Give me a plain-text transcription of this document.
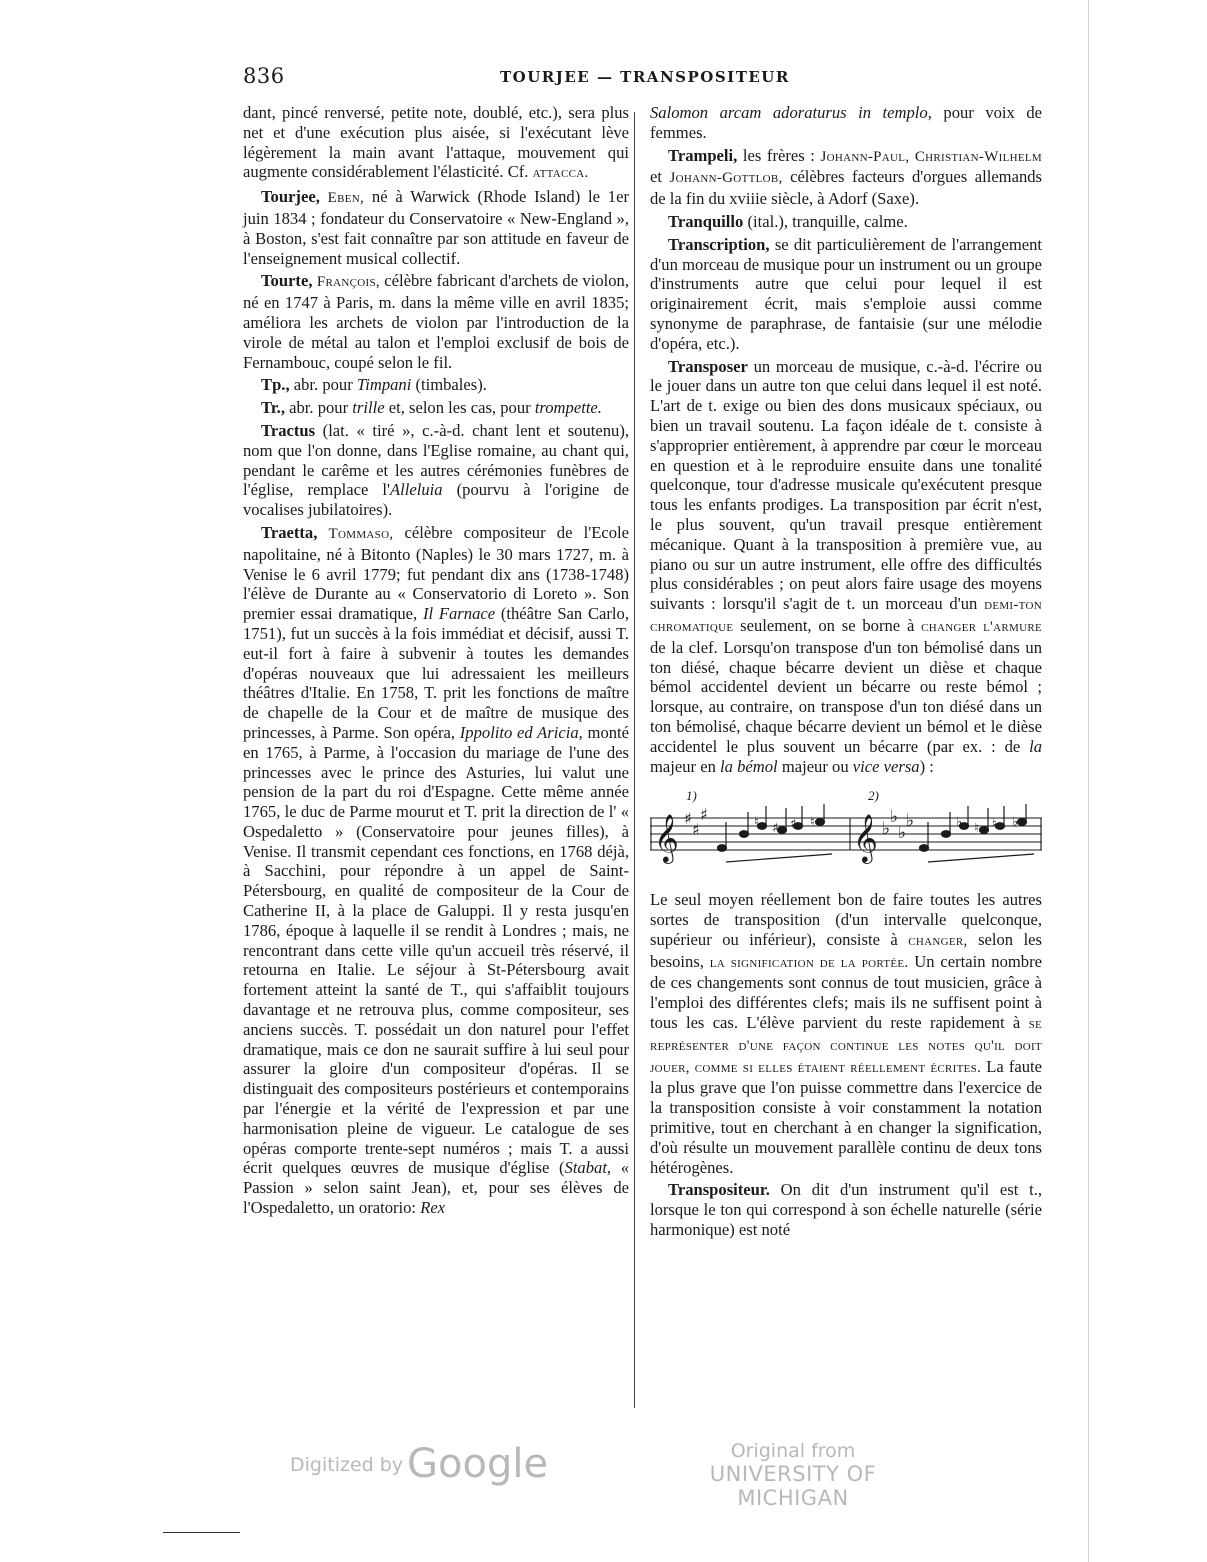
836	TOURJEE — TRANSPOSITEUR

dant, pincé renversé, petite note, doublé, etc.), sera plus net et d'une exécution plus aisée, si l'exécutant lève légèrement la main avant l'attaque, mouvement qui augmente considérablement l'élasticité. Cf. attacca.

Tourjee, Eben, né à Warwick (Rhode Island) le 1er juin 1834 ; fondateur du Conservatoire « New-England », à Boston, s'est fait connaître par son attitude en faveur de l'enseignement musical collectif.

Tourte, François, célèbre fabricant d'archets de violon, né en 1747 à Paris, m. dans la même ville en avril 1835; améliora les archets de violon par l'introduction de la virole de métal au talon et l'emploi exclusif de bois de Fernambouc, coupé selon le fil.

Tp., abr. pour Timpani (timbales).

Tr., abr. pour trille et, selon les cas, pour trompette.

Tractus (lat. « tiré », c.-à-d. chant lent et soutenu), nom que l'on donne, dans l'Eglise romaine, au chant qui, pendant le carême et les autres cérémonies funèbres de l'église, remplace l'Alleluia (pourvu à l'origine de vocalises jubilatoires).

Traetta, Tommaso, célèbre compositeur de l'Ecole napolitaine, né à Bitonto (Naples) le 30 mars 1727, m. à Venise le 6 avril 1779; fut pendant dix ans (1738-1748) l'élève de Durante au « Conservatorio di Loreto ». Son premier essai dramatique, Il Farnace (théâtre San Carlo, 1751), fut un succès à la fois immédiat et décisif, aussi T. eut-il fort à faire à subvenir à toutes les demandes d'opéras nouveaux que lui adressaient les meilleurs théâtres d'Italie. En 1758, T. prit les fonctions de maître de chapelle de la Cour et de maître de musique des princesses, à Parme. Son opéra, Ippolito ed Aricia, monté en 1765, à Parme, à l'occasion du mariage de l'une des princesses avec le prince des Asturies, lui valut une pension de la part du roi d'Espagne. Cette même année 1765, le duc de Parme mourut et T. prit la direction de l' « Ospedaletto » (Conservatoire pour jeunes filles), à Venise. Il transmit cependant ces fonctions, en 1768 déjà, à Sacchini, pour répondre à un appel de Saint-Pétersbourg, en qualité de compositeur de la Cour de Catherine II, à la place de Galuppi. Il y resta jusqu'en 1786, époque à laquelle il se rendit à Londres ; mais, ne rencontrant dans cette ville qu'un accueil très réservé, il retourna en Italie. Le séjour à St-Pétersbourg avait fortement atteint la santé de T., qui s'affaiblit toujours davantage et ne retrouva plus, comme compositeur, ses anciens succès. T. possédait un don naturel pour l'effet dramatique, mais ce don ne saurait suffire à lui seul pour assurer la gloire d'un compositeur d'opéras. Il se distinguait des compositeurs postérieurs et contemporains par l'énergie et la vérité de l'expression et par une harmonisation pleine de vigueur. Le catalogue de ses opéras comporte trente-sept numéros ; mais T. a aussi écrit quelques œuvres de musique d'église (Stabat, « Passion » selon saint Jean), et, pour ses élèves de l'Ospedaletto, un oratorio: Rex

Salomon arcam adoraturus in templo, pour voix de femmes.

Trampeli, les frères : Johann-Paul, Christian-Wilhelm et Johann-Gottlob, célèbres facteurs d'orgues allemands de la fin du xviiie siècle, à Adorf (Saxe).

Tranquillo (ital.), tranquille, calme.

Transcription, se dit particulièrement de l'arrangement d'un morceau de musique pour un instrument ou un groupe d'instruments autre que celui pour lequel il est originairement écrit, mais s'emploie aussi comme synonyme de paraphrase, de fantaisie (sur une mélodie d'opéra, etc.).

Transposer un morceau de musique, c.-à-d. l'écrire ou le jouer dans un autre ton que celui dans lequel il est noté. L'art de t. exige ou bien des dons musicaux spéciaux, ou bien un travail soutenu. La façon idéale de t. consiste à s'approprier entièrement, à apprendre par cœur le morceau en question et à le reproduire ensuite dans une tonalité quelconque, tour d'adresse musicale qu'exécutent presque tous les enfants prodiges. La transposition par écrit n'est, le plus souvent, qu'un travail presque entièrement mécanique. Quant à la transposition à première vue, au piano ou sur un autre instrument, elle offre des difficultés plus considérables ; on peut alors faire usage des moyens suivants : lorsqu'il s'agit de t. un morceau d'un demi-ton chromatique seulement, on se borne à changer l'armure de la clef. Lorsqu'on transpose d'un ton bémolisé dans un ton diésé, chaque bécarre devient un dièse et chaque bémol accidentel devient un bécarre ou reste bémol ; lorsque, au contraire, on transpose d'un ton diésé dans un ton bémolisé, chaque bécarre devient un bémol et le dièse accidentel le plus souvent un bécarre (par ex. : de la majeur en la bémol majeur ou vice versa) :

𝄞	𝄞
♯
♯
♯
♭
♭
♭
♭
♮ ♯ ♯ ♮	♭ ♮ ♮ ♭
1)	2)

Le seul moyen réellement bon de faire toutes les autres sortes de transposition (d'un intervalle quelconque, supérieur ou inférieur), consiste à changer, selon les besoins, la signification de la portée. Un certain nombre de ces changements sont connus de tout musicien, grâce à l'emploi des différentes clefs; mais ils ne suffisent point à tous les cas. L'élève parvient du reste rapidement à se représenter d'une façon continue les notes qu'il doit jouer, comme si elles étaient réellement écrites. La faute la plus grave que l'on puisse commettre dans l'exercice de la transposition consiste à voir constamment la notation primitive, tout en cherchant à en changer la signification, d'où résulte un mouvement parallèle continu de deux tons hétérogènes.

Transpositeur. On dit d'un instrument qu'il est t., lorsque le ton qui correspond à son échelle naturelle (série harmonique) est noté

Digitized by Google	Original from
UNIVERSITY OF MICHIGAN
